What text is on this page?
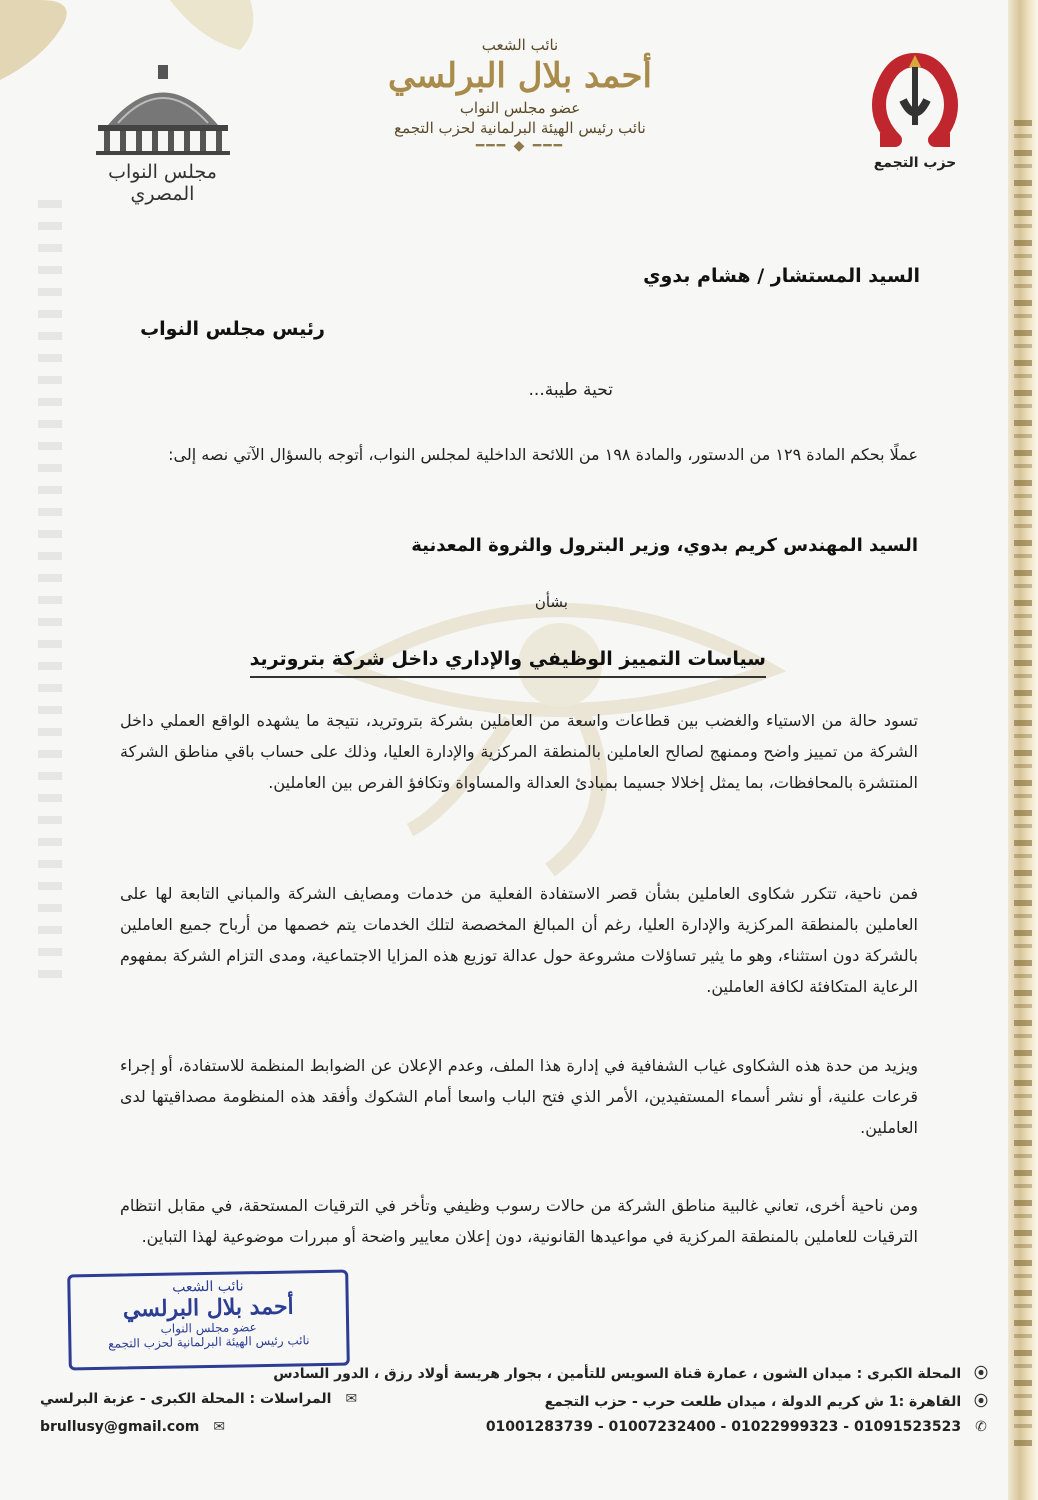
مجلس النواب المصري
نائب الشعب
أحمد بلال البرلسي
عضو مجلس النواب
نائب رئيس الهيئة البرلمانية لحزب التجمع
━━━ ◆ ━━━
حزب التجمع
السيد المستشار / هشام بدوي
رئيس مجلس النواب
تحية طيبة...
عملًا بحكم المادة ١٢٩ من الدستور، والمادة ١٩٨ من اللائحة الداخلية لمجلس النواب، أتوجه بالسؤال الآتي نصه إلى:
السيد المهندس كريم بدوي، وزير البترول والثروة المعدنية
بشأن
سياسات التمييز الوظيفي والإداري داخل شركة بتروتريد
تسود حالة من الاستياء والغضب بين قطاعات واسعة من العاملين بشركة بتروتريد، نتيجة ما يشهده الواقع العملي داخل الشركة من تمييز واضح وممنهج لصالح العاملين بالمنطقة المركزية والإدارة العليا، وذلك على حساب باقي مناطق الشركة المنتشرة بالمحافظات، بما يمثل إخلالا جسيما بمبادئ العدالة والمساواة وتكافؤ الفرص بين العاملين.
فمن ناحية، تتكرر شكاوى العاملين بشأن قصر الاستفادة الفعلية من خدمات ومصايف الشركة والمباني التابعة لها على العاملين بالمنطقة المركزية والإدارة العليا، رغم أن المبالغ المخصصة لتلك الخدمات يتم خصمها من أرباح جميع العاملين بالشركة دون استثناء، وهو ما يثير تساؤلات مشروعة حول عدالة توزيع هذه المزايا الاجتماعية، ومدى التزام الشركة بمفهوم الرعاية المتكافئة لكافة العاملين.
ويزيد من حدة هذه الشكاوى غياب الشفافية في إدارة هذا الملف، وعدم الإعلان عن الضوابط المنظمة للاستفادة، أو إجراء قرعات علنية، أو نشر أسماء المستفيدين، الأمر الذي فتح الباب واسعا أمام الشكوك وأفقد هذه المنظومة مصداقيتها لدى العاملين.
ومن ناحية أخرى، تعاني غالبية مناطق الشركة من حالات رسوب وظيفي وتأخر في الترقيات المستحقة، في مقابل انتظام الترقيات للعاملين بالمنطقة المركزية في مواعيدها القانونية، دون إعلان معايير واضحة أو مبررات موضوعية لهذا التباين.
نائب الشعب
أحمد بلال البرلسي
عضو مجلس النواب
نائب رئيس الهيئة البرلمانية لحزب التجمع
⦿ المحلة الكبرى : ميدان الشون ، عمارة قناة السويس للتأمين ، بجوار هريسة أولاد رزق ، الدور السادس
⦿ القاهرة :1 ش كريم الدولة ، ميدان طلعت حرب - حزب التجمع
✉ المراسلات : المحلة الكبرى - عزبة البرلسي
✆ 01091523523 - 01022999323 - 01007232400 - 01001283739
✉ brullusy@gmail.com
